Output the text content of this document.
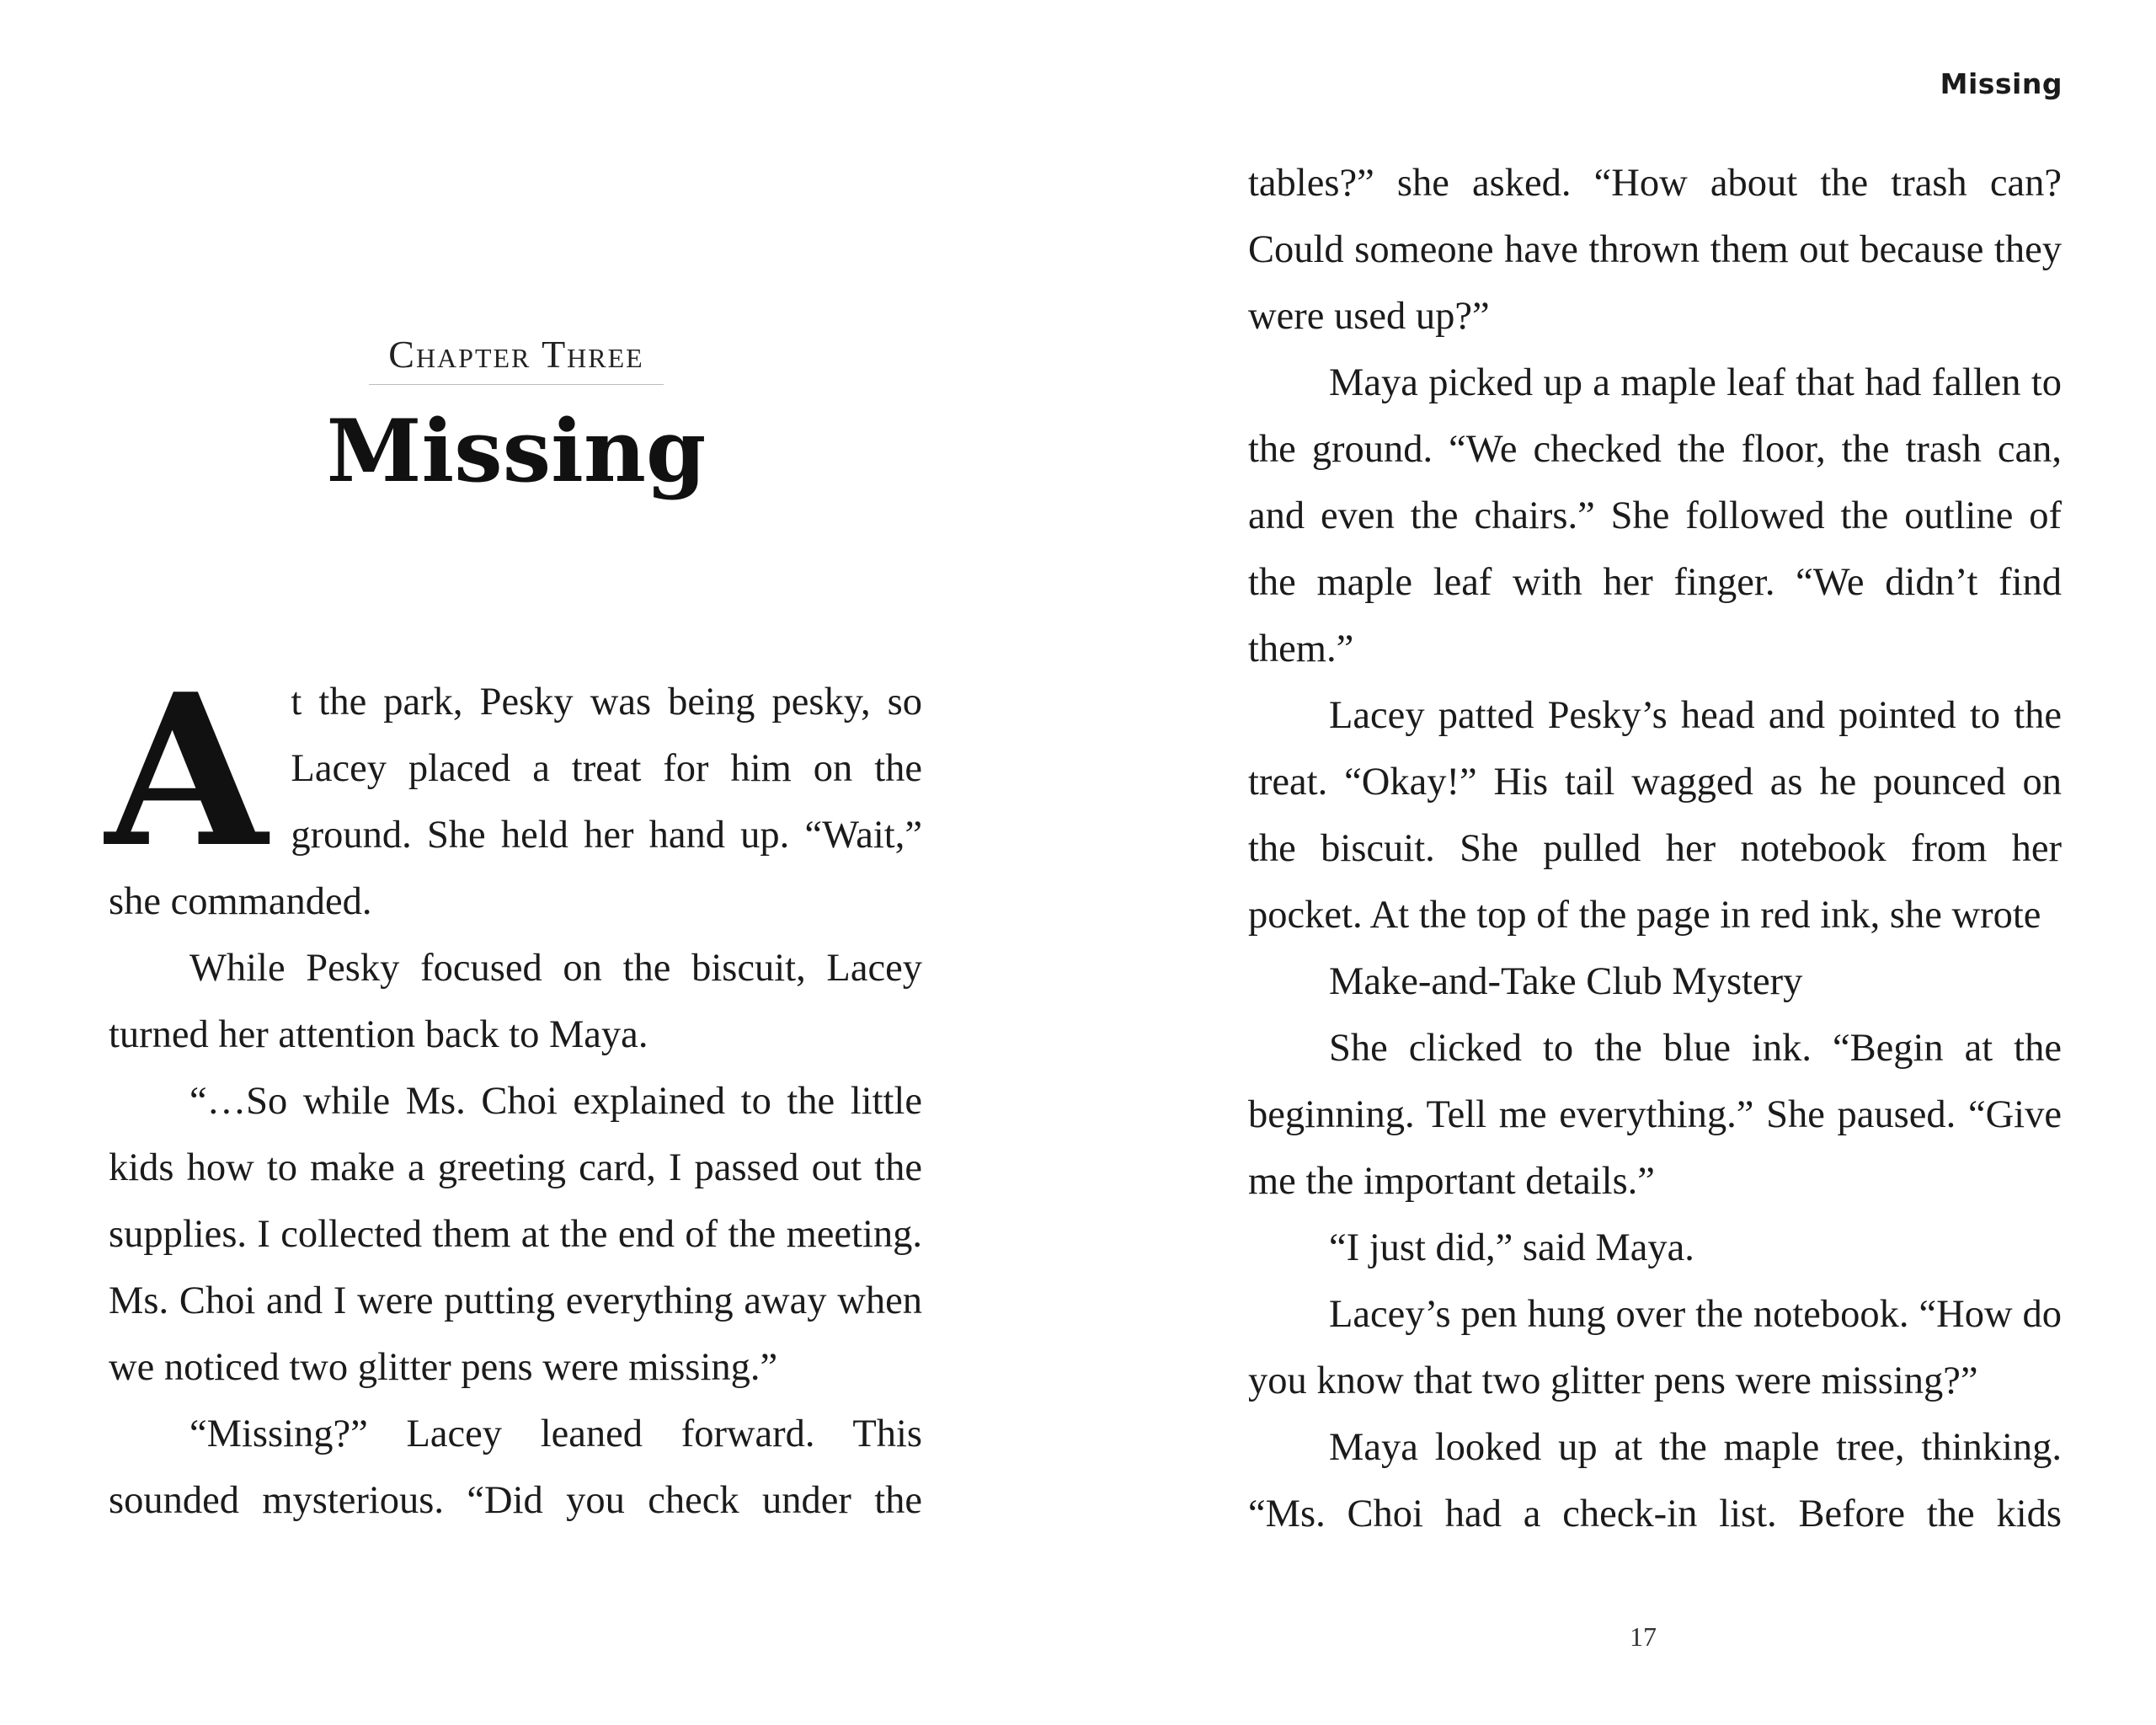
Chapter Three
Missing

At the park, Pesky was being pesky, so Lacey placed a treat for him on the ground. She held her hand up. “Wait,” she commanded.

While Pesky focused on the biscuit, Lacey turned her attention back to Maya.

“…So while Ms. Choi explained to the little kids how to make a greeting card, I passed out the supplies. I collected them at the end of the meeting. Ms. Choi and I were putting everything away when we noticed two glitter pens were missing.”

“Missing?” Lacey leaned forward. This sounded mysterious. “Did you check under the

Missing

tables?” she asked. “How about the trash can? Could someone have thrown them out because they were used up?”

Maya picked up a maple leaf that had fallen to the ground. “We checked the floor, the trash can, and even the chairs.” She followed the outline of the maple leaf with her finger. “We didn’t find them.”

Lacey patted Pesky’s head and pointed to the treat. “Okay!” His tail wagged as he pounced on the biscuit. She pulled her notebook from her pocket. At the top of the page in red ink, she wrote

Make-and-Take Club Mystery

She clicked to the blue ink. “Begin at the beginning. Tell me everything.” She paused. “Give me the important details.”

“I just did,” said Maya.

Lacey’s pen hung over the notebook. “How do you know that two glitter pens were missing?”

Maya looked up at the maple tree, thinking. “Ms. Choi had a check-in list. Before the kids

17
